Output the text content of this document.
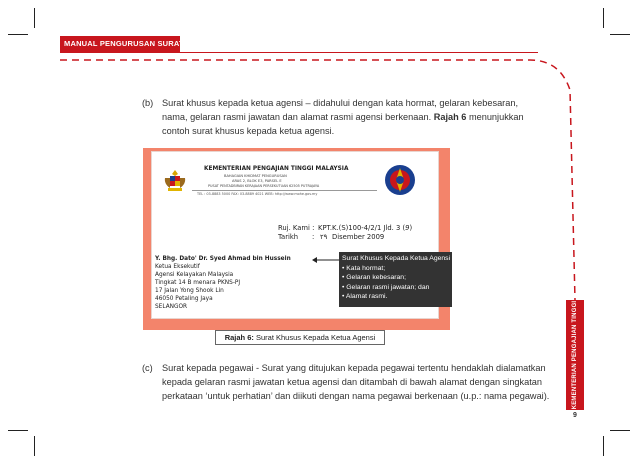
MANUAL PENGURUSAN SURAT RASMI
(b) Surat khusus kepada ketua agensi – didahului dengan kata hormat, gelaran kebesaran,
nama, gelaran rasmi jawatan dan alamat rasmi agensi berkenaan. Rajah 6 menunjukkan
contoh surat khusus kepada ketua agensi.
KEMENTERIAN PENGAJIAN TINGGI MALAYSIA
BAHAGIAN KHIDMAT PENGURUSAN
ARAS 2, BLOK E3, PARSEL E
PUSAT PENTADBIRAN KERAJAAN PERSEKUTUAN 62505 PUTRAJAYA
TEL : 03-8883 5000 FAX: 03-8889 4021 WEB: http://www.mohe.gov.my
Ruj. Kami : KPT.K.(S)100-4/2/1 Jld. 3 (9)
Tarikh : ٢٩ Disember 2009
Y. Bhg. Dato' Dr. Syed Ahmad bin Hussein
Ketua Eksekutif
Agensi Kelayakan Malaysia
Tingkat 14 B menara PKNS-PJ
17 Jalan Yong Shook Lin
46050 Petaling Jaya
SELANGOR
Surat Khusus Kepada Ketua Agensi
• Kata hormat;
• Gelaran kebesaran;
• Gelaran rasmi jawatan; dan
• Alamat rasmi.
Rajah 6: Surat Khusus Kepada Ketua Agensi
(c) Surat kepada pegawai - Surat yang ditujukan kepada pegawai tertentu hendaklah dialamatkan
kepada gelaran rasmi jawatan ketua agensi dan ditambah di bawah alamat dengan singkatan
perkataan ‘untuk perhatian’ dan diikuti dengan nama pegawai berkenaan (u.p.: nama pegawai).	KEMENTERIAN PENGAJIAN TINGGI
9
